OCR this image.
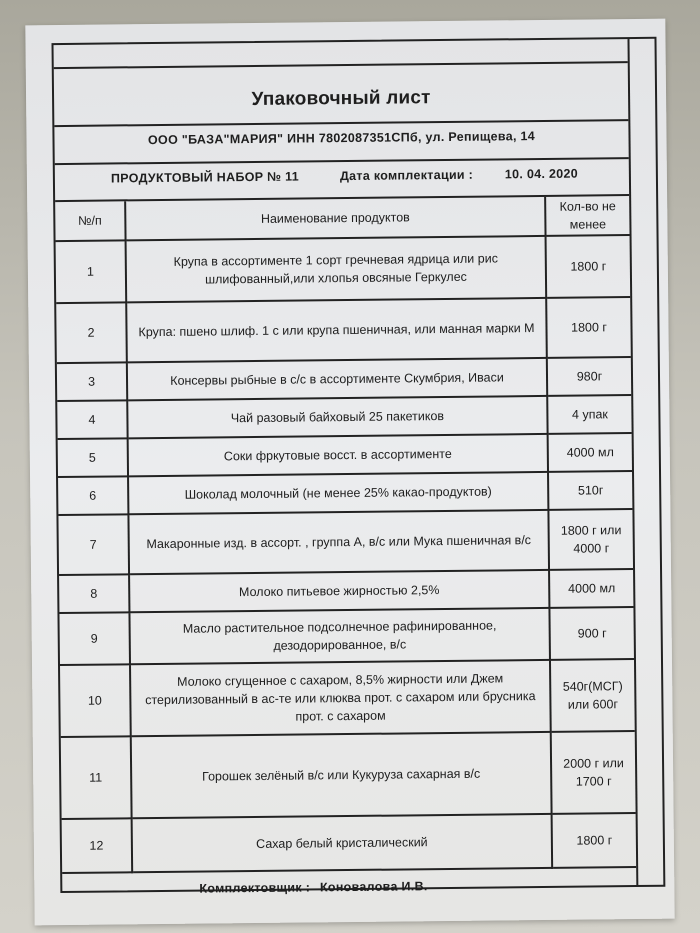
Упаковочный лист
ООО "БАЗА"МАРИЯ" ИНН 7802087351СПб, ул. Репищева, 14
ПРОДУКТОВЫЙ НАБОР № 11	Дата комплектации :	10. 04. 2020
№/п	Наименование продуктов	Кол-во не менее
1	Крупа в ассортименте 1 сорт гречневая ядрица или рис шлифованный,или хлопья овсяные Геркулес	1800 г
2	Крупа: пшено шлиф. 1 с или крупа пшеничная, или манная марки М	1800 г
3	Консервы рыбные в с/с в ассортименте Скумбрия, Иваси	980г
4	Чай разовый байховый 25 пакетиков	4 упак
5	Соки фркутовые восст. в ассортименте	4000 мл
6	Шоколад молочный (не менее 25% какао-продуктов)	510г
7	Макаронные изд. в ассорт. , группа А, в/с или Мука пшеничная в/с	1800 г или 4000 г
8	Молоко питьевое жирностью 2,5%	4000 мл
9	Масло растительное подсолнечное рафинированное, дезодорированное, в/с	900 г
10	Молоко сгущенное с сахаром, 8,5% жирности или Джем стерилизованный в ас-те или клюква прот. с сахаром или брусника прот. с сахаром	540г(МСГ) или 600г
11	Горошек зелёный в/с или Кукуруза сахарная в/с	2000 г или 1700 г
12	Сахар белый кристалический	1800 г
Комплектовщик : Коновалова И.В.
